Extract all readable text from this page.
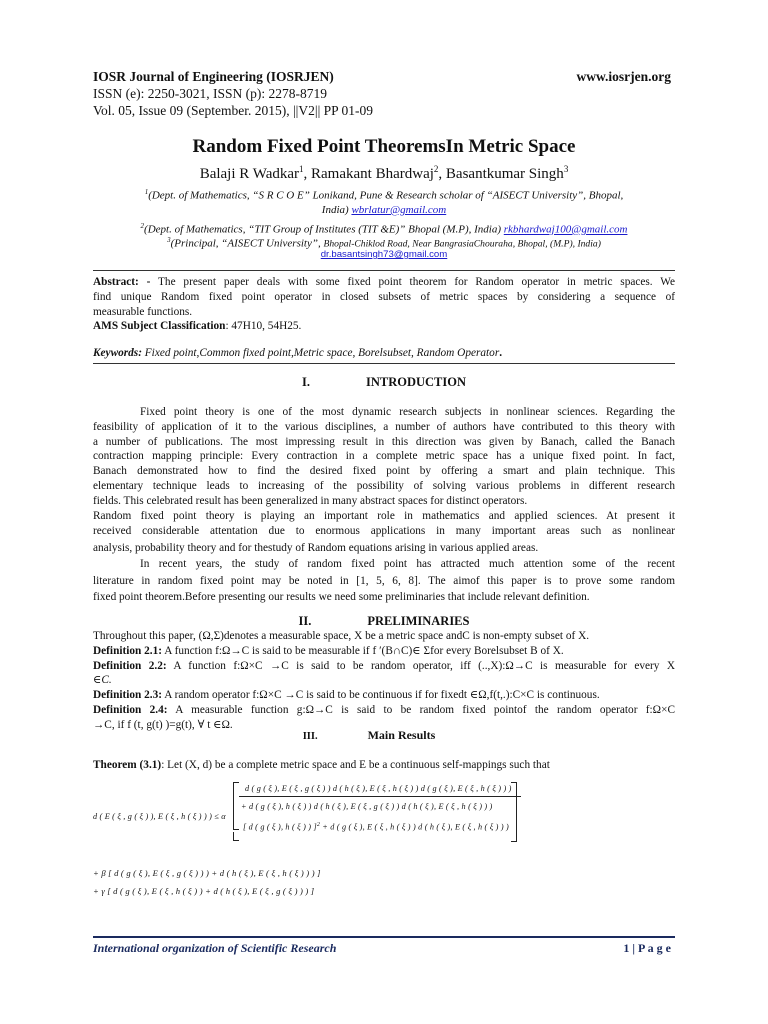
IOSR Journal of Engineering (IOSRJEN)	www.iosrjen.org
ISSN (e): 2250-3021, ISSN (p): 2278-8719
Vol. 05, Issue 09 (September. 2015), ||V2|| PP 01-09
Random Fixed Point TheoremsIn Metric Space
Balaji R Wadkar$^1$, Ramakant Bhardwaj$^2$, Basantkumar Singh$^3$
$^1$(Dept. of Mathematics, “S R C O E” Lonikand, Pune & Research scholar of “AISECT University”, Bhopal,
India) wbrlatur@gmail.com
$^2$(Dept. of Mathematics, “TIT Group of Institutes (TIT &E)” Bhopal (M.P), India) rkbhardwaj100@gmail.com
$^3$(Principal, “AISECT University”, Bhopal-Chiklod Road, Near BangrasiaChouraha, Bhopal, (M.P), India)
dr.basantsingh73@gmail.com
Abstract: - The present paper deals with some fixed point theorem for Random operator in metric spaces. We
find unique Random fixed point operator in closed subsets of metric spaces by considering a sequence of
measurable functions.
AMS Subject Classification: 47H10, 54H25.
Keywords: Fixed point,Common fixed point,Metric space, Borelsubset, Random Operator.
I.	INTRODUCTION
Fixed point theory is one of the most dynamic research subjects in nonlinear sciences. Regarding the
feasibility of application of it to the various disciplines, a number of authors have contributed to this theory with
a number of publications. The most impressing result in this direction was given by Banach, called the Banach
contraction mapping principle: Every contraction in a complete metric space has a unique fixed point. In fact,
Banach demonstrated how to find the desired fixed point by offering a smart and plain technique. This
elementary technique leads to increasing of the possibility of solving various problems in different research
fields. This celebrated result has been generalized in many abstract spaces for distinct operators.
Random fixed point theory is playing an important role in mathematics and applied sciences. At present it
received considerable attentation due to enormous applications in many important areas such as nonlinear
analysis, probability theory and for thestudy of Random equations arising in various applied areas.
In recent years, the study of random fixed point has attracted much attention some of the recent
literature in random fixed point may be noted in [1, 5, 6, 8]. The aimof this paper is to prove some random
fixed point theorem.Before presenting our results we need some preliminaries that include relevant definition.
II.	PRELIMINARIES
Throughout this paper, (Ω,Σ)denotes a measurable space, X be a metric space andC is non-empty subset of X.
Definition 2.1: A function f:Ω→C is said to be measurable if f ′(B∩C)∈ Σfor every Borelsubset B of X.
Definition 2.2: A function f:Ω×C →C is said to be random operator, iff (..,X):Ω→C is measurable for every X
∈C.
Definition 2.3: A random operator f:Ω×C →C is said to be continuous if for fixedt ∈Ω,f(t,.):C×C is continuous.
Definition 2.4: A measurable function g:Ω→C is said to be random fixed pointof the random operator f:Ω×C
→C, if f (t, g(t) )=g(t), ∀ t ∈Ω.
III.	Main Results
Theorem (3.1): Let (X, d) be a complete metric space and E be a continuous self-mappings such that
d ( E ( ξ , g ( ξ ) ), E ( ξ , h ( ξ ) ) ) ≤ α
d ( g ( ξ ), E ( ξ , g ( ξ ) ) d ( h ( ξ ), E ( ξ , h ( ξ ) ) d ( g ( ξ ), E ( ξ , h ( ξ ) ) )
+ d ( g ( ξ ), h ( ξ ) ) d ( h ( ξ ), E ( ξ , g ( ξ ) ) d ( h ( ξ ), E ( ξ , h ( ξ ) ) )
[ d ( g ( ξ ), h ( ξ ) ) ]$^2$ + d ( g ( ξ ), E ( ξ , h ( ξ ) ) d ( h ( ξ ), E ( ξ , h ( ξ ) ) )
+ β [ d ( g ( ξ ), E ( ξ , g ( ξ ) ) ) + d ( h ( ξ ), E ( ξ , h ( ξ ) ) ) ]
+ γ [ d ( g ( ξ ), E ( ξ , h ( ξ ) ) + d ( h ( ξ ), E ( ξ , g ( ξ ) ) ) ]
International organization of Scientific Research	1 | P a g e
